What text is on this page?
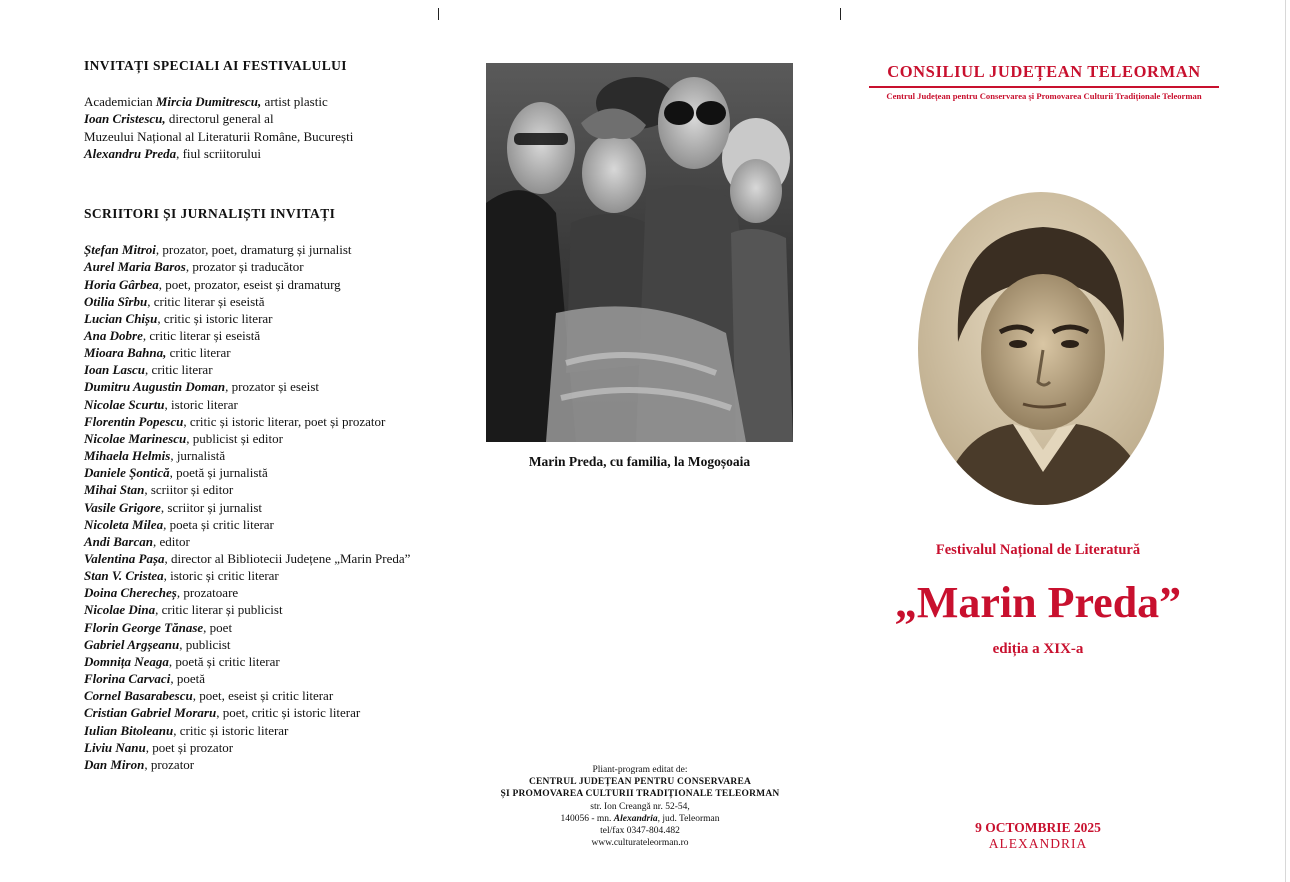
INVITAȚI SPECIALI AI FESTIVALULUI
Academician Mircia Dumitrescu, artist plastic
Ioan Cristescu, directorul general al
Muzeului Național al Literaturii Române, București
Alexandru Preda, fiul scriitorului
SCRIITORI ȘI JURNALIȘTI INVITAȚI
Ștefan Mitroi, prozator, poet, dramaturg și jurnalist
Aurel Maria Baros, prozator și traducător
Horia Gârbea, poet, prozator, eseist și dramaturg
Otilia Sîrbu, critic literar și eseistă
Lucian Chișu, critic și istoric literar
Ana Dobre, critic literar și eseistă
Mioara Bahna, critic literar
Ioan Lascu, critic literar
Dumitru Augustin Doman, prozator și eseist
Nicolae Scurtu, istoric literar
Florentin Popescu, critic și istoric literar, poet și prozator
Nicolae Marinescu, publicist și editor
Mihaela Helmis, jurnalistă
Daniele Șontică, poetă și jurnalistă
Mihai Stan, scriitor și editor
Vasile Grigore, scriitor și jurnalist
Nicoleta Milea, poeta și critic literar
Andi Barcan, editor
Valentina Pașa, director al Bibliotecii Județene „Marin Preda”
Stan V. Cristea, istoric și critic literar
Doina Cherecheș, prozatoare
Nicolae Dina, critic literar și publicist
Florin George Tănase, poet
Gabriel Argșeanu, publicist
Domnița Neaga, poetă și critic literar
Florina Carvaci, poetă
Cornel Basarabescu, poet, eseist și critic literar
Cristian Gabriel Moraru, poet, critic și istoric literar
Iulian Bitoleanu, critic și istoric literar
Liviu Nanu, poet și prozator
Dan Miron, prozator
Marin Preda, cu familia, la Mogoșoaia
Pliant-program editat de:
CENTRUL JUDEȚEAN PENTRU CONSERVAREA
ȘI PROMOVAREA CULTURII TRADIȚIONALE TELEORMAN
str. Ion Creangă nr. 52-54,
140056 - mn. Alexandria, jud. Teleorman
tel/fax 0347-804.482
www.culturateleorman.ro
CONSILIUL JUDEȚEAN TELEORMAN
Centrul Județean pentru Conservarea și Promovarea Culturii Tradiționale Teleorman
Festivalul Național de Literatură
„Marin Preda”
ediția a XIX-a
9 OCTOMBRIE 2025
ALEXANDRIA
